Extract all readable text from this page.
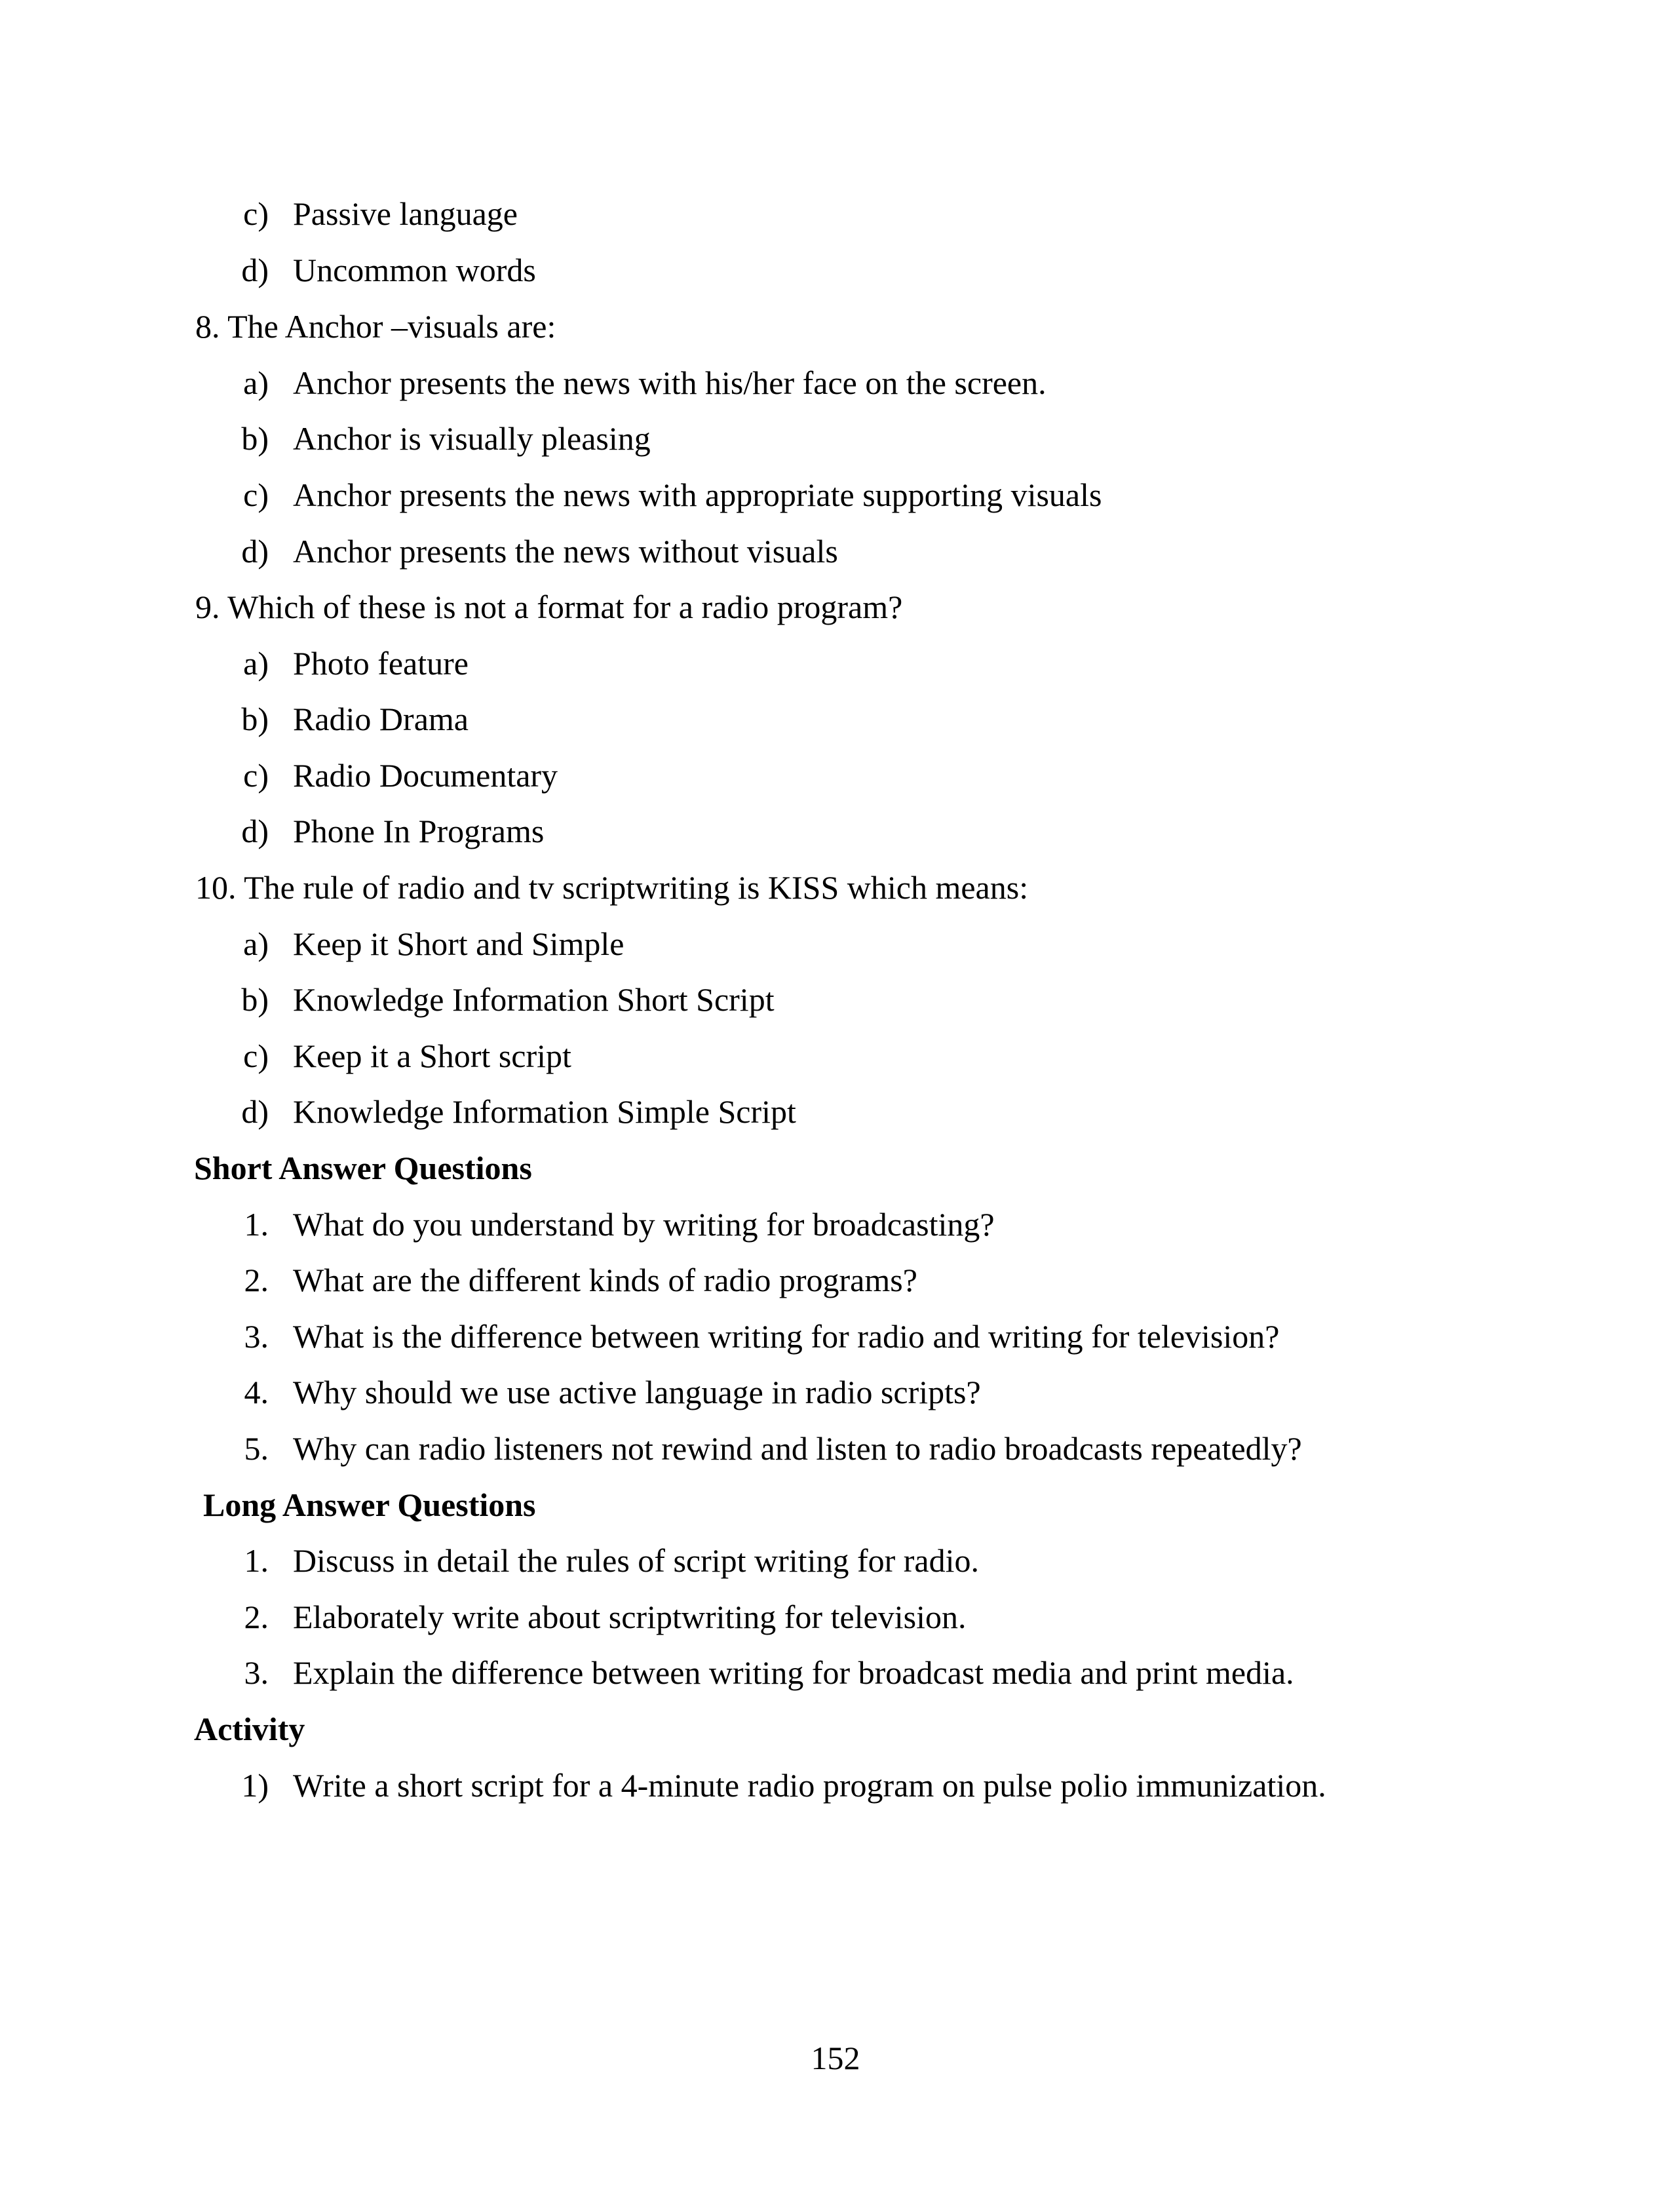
c) Passive language
d) Uncommon words
8. The Anchor –visuals are:
a) Anchor presents the news with his/her face on the screen.
b) Anchor is visually pleasing
c) Anchor presents the news with appropriate supporting visuals
d) Anchor presents the news without visuals
9. Which of these is not a format for a radio program?
a) Photo feature
b) Radio Drama
c) Radio Documentary
d) Phone In Programs
10. The rule of radio and tv scriptwriting is KISS which means:
a) Keep it Short and Simple
b) Knowledge Information Short Script
c) Keep it a Short script
d) Knowledge Information Simple Script
Short Answer Questions
1. What do you understand by writing for broadcasting?
2. What are the different kinds of radio programs?
3. What is the difference between writing for radio and writing for television?
4. Why should we use active language in radio scripts?
5. Why can radio listeners not rewind and listen to radio broadcasts repeatedly?
Long Answer Questions
1. Discuss in detail the rules of script writing for radio.
2. Elaborately write about scriptwriting for television.
3. Explain the difference between writing for broadcast media and print media.
Activity
1) Write a short script for a 4-minute radio program on pulse polio immunization.
152
